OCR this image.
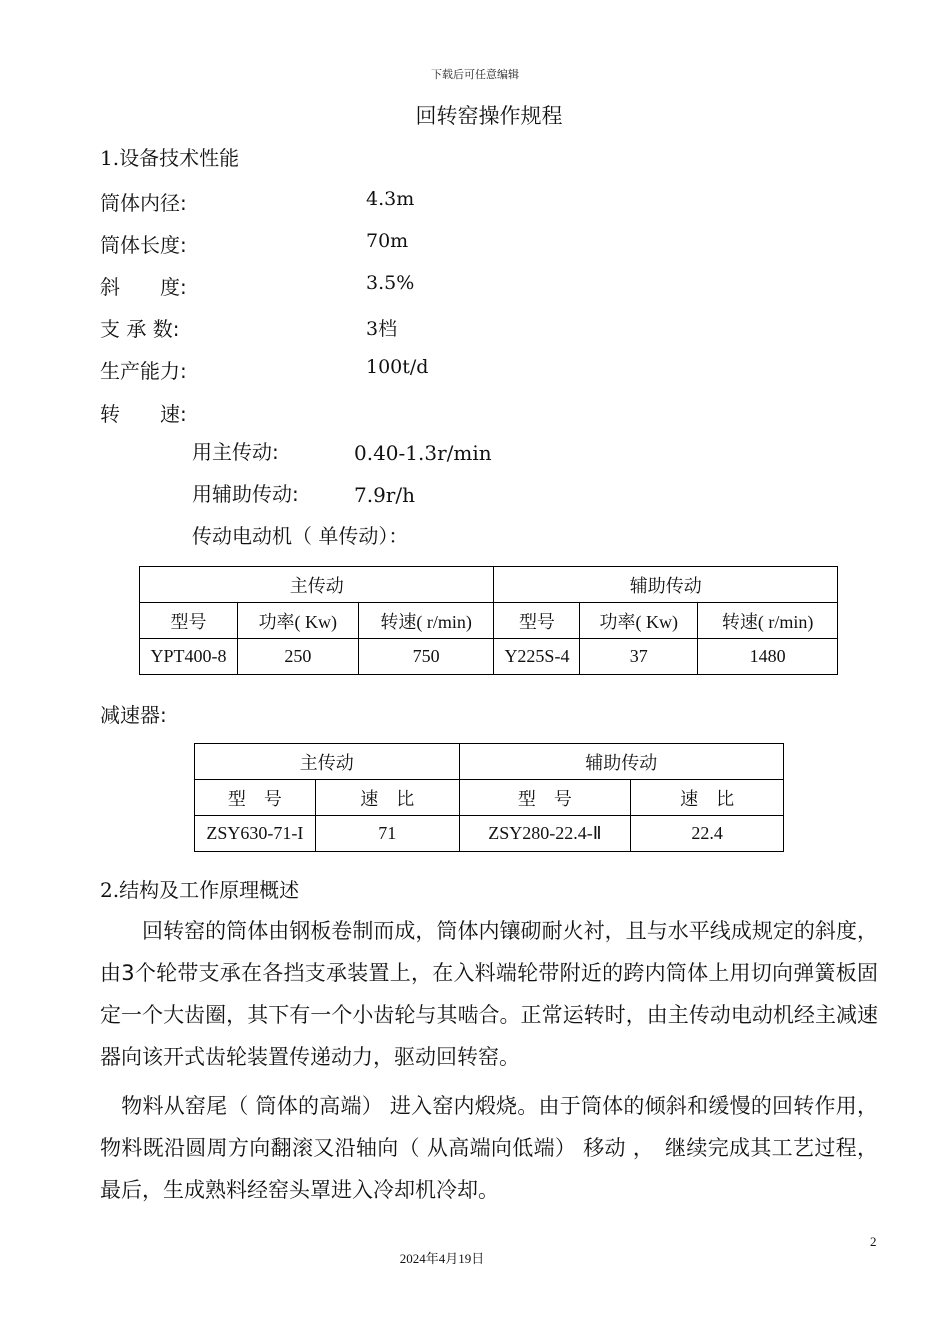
下载后可任意编辑
回转窑操作规程
1.设备技术性能
筒体内径:	4.3m
筒体长度:	70m
斜　　度:	3.5%
支 承 数:	3档
生产能力:	100t/d
转　　速:
用主传动:	0.40-1.3r/min
用辅助传动:	7.9r/h
传动电动机（ 单传动）：
主传动			辅助传动		
型号	功率( Kw)	转速( r/min)	型号	功率( Kw)	转速( r/min)
YPT400-8	250	750	Y225S-4	37	1480
减速器:
主传动		辅助传动	
型　号	速　比	型　号	速　比
ZSY630-71-I	71	ZSY280-22.4-Ⅱ	22.4
2.结构及工作原理概述

　　回转窑的筒体由钢板卷制而成，筒体内镶砌耐火衬，且与水平线成规定的斜度，由3个轮带支承在各挡支承装置上，在入料端轮带附近的跨内筒体上用切向弹簧板固定一个大齿圈，其下有一个小齿轮与其啮合。正常运转时，由主传动电动机经主减速器向该开式齿轮装置传递动力，驱动回转窑。

　物料从窑尾（ 筒体的高端） 进入窑内煅烧。由于筒体的倾斜和缓慢的回转作用，物料既沿圆周方向翻滚又沿轴向（ 从高端向低端） 移动 ，　继续完成其工艺过程，最后，生成熟料经窑头罩进入冷却机冷却。

2
2024年4月19日
